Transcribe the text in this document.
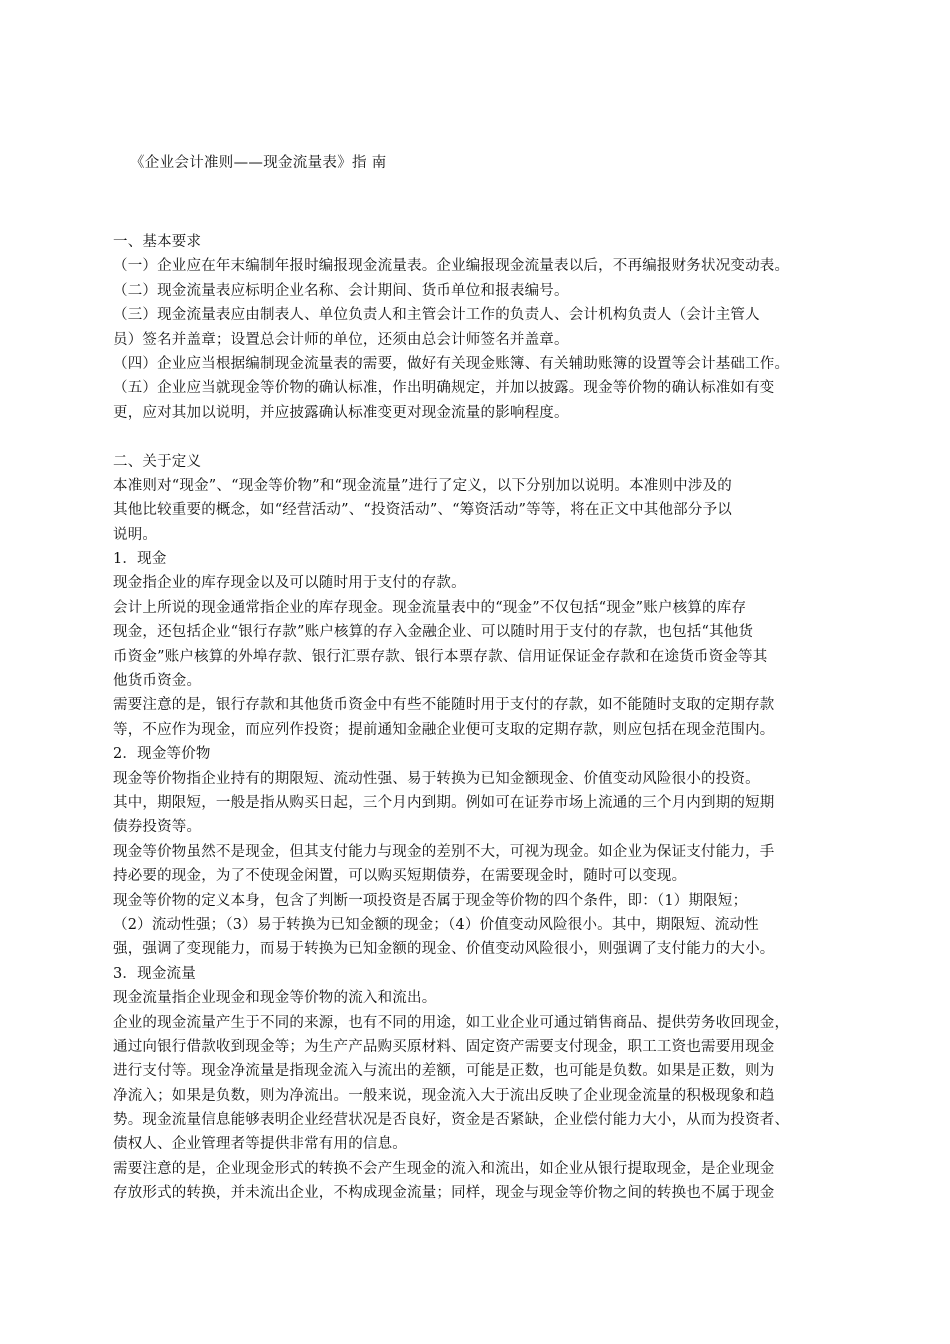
《企业会计准则——现金流量表》指 南
一、基本要求
（一）企业应在年末编制年报时编报现金流量表。企业编报现金流量表以后，不再编报财务状况变动表。
（二）现金流量表应标明企业名称、会计期间、货币单位和报表编号。
（三）现金流量表应由制表人、单位负责人和主管会计工作的负责人、会计机构负责人（会计主管人
员）签名并盖章；设置总会计师的单位，还须由总会计师签名并盖章。
（四）企业应当根据编制现金流量表的需要，做好有关现金账簿、有关辅助账簿的设置等会计基础工作。
（五）企业应当就现金等价物的确认标准，作出明确规定，并加以披露。现金等价物的确认标准如有变
更，应对其加以说明，并应披露确认标准变更对现金流量的影响程度。
二、关于定义
本准则对“现金”、“现金等价物”和“现金流量”进行了定义，以下分别加以说明。本准则中涉及的
其他比较重要的概念，如“经营活动”、“投资活动”、“筹资活动”等等，将在正文中其他部分予以
说明。
1．现金
现金指企业的库存现金以及可以随时用于支付的存款。
会计上所说的现金通常指企业的库存现金。现金流量表中的“现金”不仅包括“现金”账户核算的库存
现金，还包括企业“银行存款”账户核算的存入金融企业、可以随时用于支付的存款，也包括“其他货
币资金”账户核算的外埠存款、银行汇票存款、银行本票存款、信用证保证金存款和在途货币资金等其
他货币资金。
需要注意的是，银行存款和其他货币资金中有些不能随时用于支付的存款，如不能随时支取的定期存款
等，不应作为现金，而应列作投资；提前通知金融企业便可支取的定期存款，则应包括在现金范围内。
2．现金等价物
现金等价物指企业持有的期限短、流动性强、易于转换为已知金额现金、价值变动风险很小的投资。
其中，期限短，一般是指从购买日起，三个月内到期。例如可在证券市场上流通的三个月内到期的短期
债券投资等。
现金等价物虽然不是现金，但其支付能力与现金的差别不大，可视为现金。如企业为保证支付能力，手
持必要的现金，为了不使现金闲置，可以购买短期债券，在需要现金时，随时可以变现。
现金等价物的定义本身，包含了判断一项投资是否属于现金等价物的四个条件，即：（1）期限短；
（2）流动性强；（3）易于转换为已知金额的现金；（4）价值变动风险很小。其中，期限短、流动性
强，强调了变现能力，而易于转换为已知金额的现金、价值变动风险很小，则强调了支付能力的大小。
3．现金流量
现金流量指企业现金和现金等价物的流入和流出。
企业的现金流量产生于不同的来源，也有不同的用途，如工业企业可通过销售商品、提供劳务收回现金，
通过向银行借款收到现金等；为生产产品购买原材料、固定资产需要支付现金，职工工资也需要用现金
进行支付等。现金净流量是指现金流入与流出的差额，可能是正数，也可能是负数。如果是正数，则为
净流入；如果是负数，则为净流出。一般来说，现金流入大于流出反映了企业现金流量的积极现象和趋
势。现金流量信息能够表明企业经营状况是否良好，资金是否紧缺，企业偿付能力大小，从而为投资者、
债权人、企业管理者等提供非常有用的信息。
需要注意的是，企业现金形式的转换不会产生现金的流入和流出，如企业从银行提取现金，是企业现金
存放形式的转换，并未流出企业，不构成现金流量；同样，现金与现金等价物之间的转换也不属于现金
